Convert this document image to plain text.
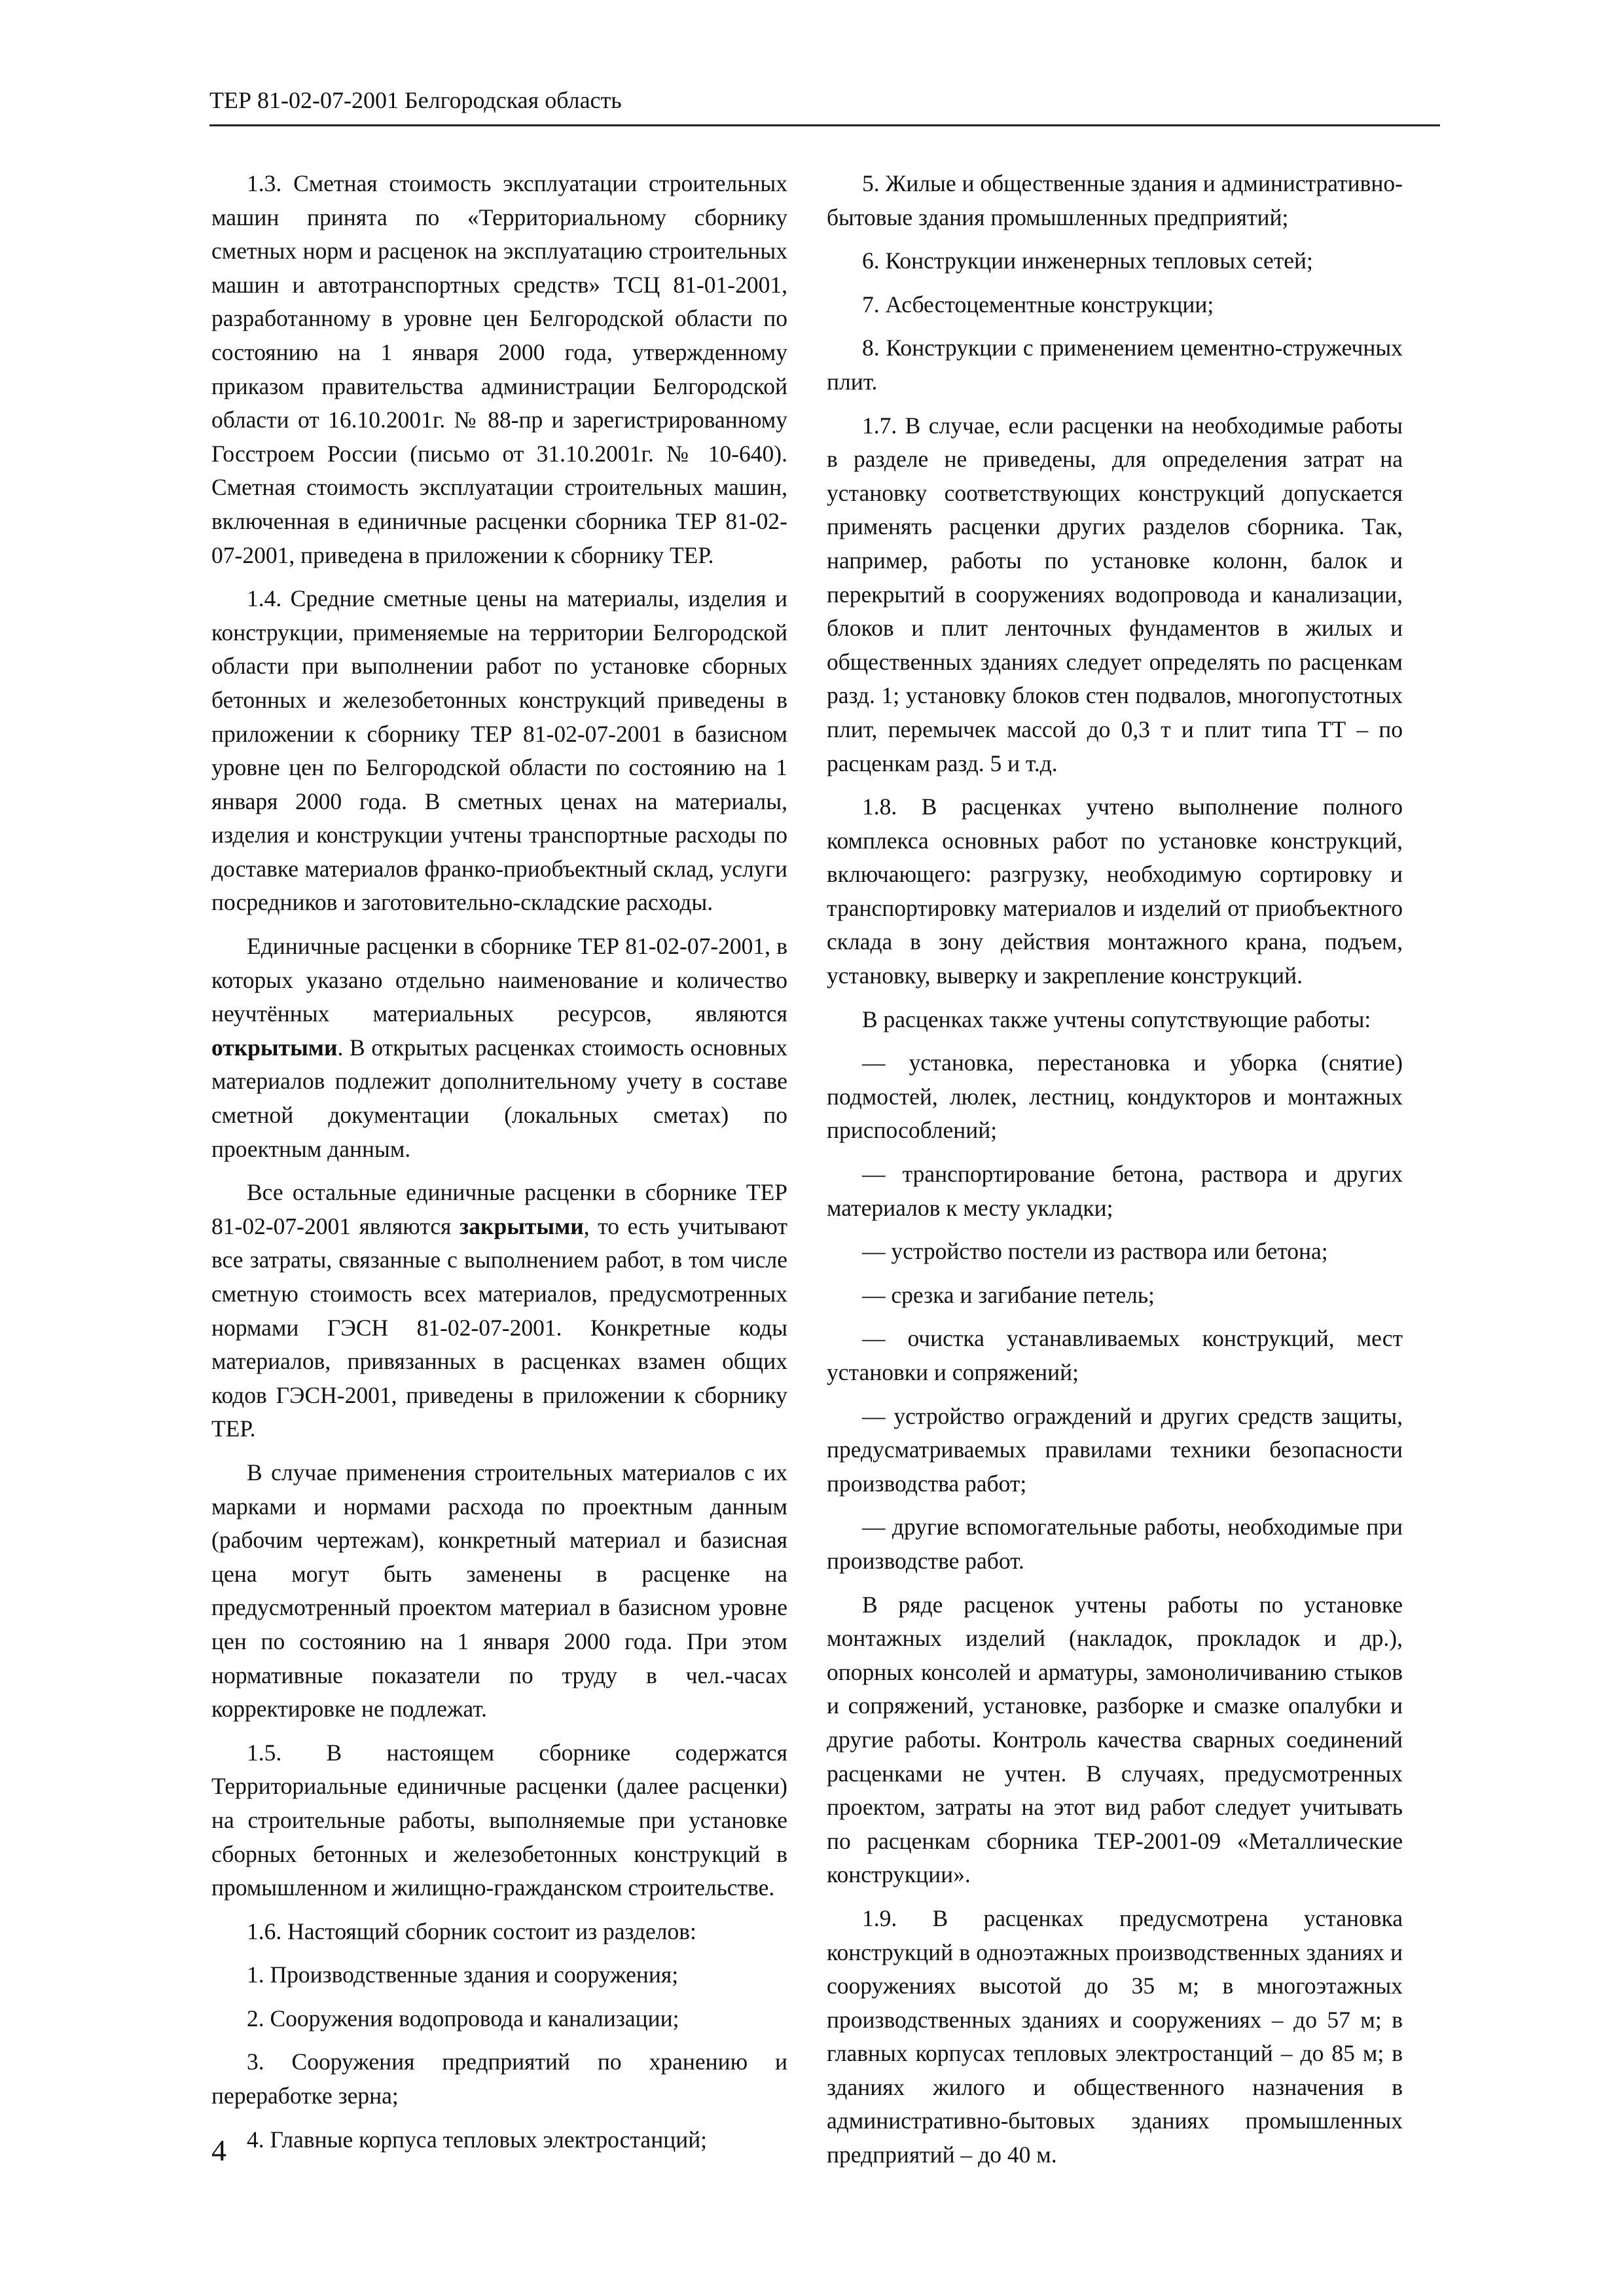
ТЕР 81-02-07-2001 Белгородская область

1.3. Сметная стоимость эксплуатации строительных машин принята по «Территориальному сборнику сметных норм и расценок на эксплуатацию строительных машин и автотранспортных средств» ТСЦ 81-01-2001, разработанному в уровне цен Белгородской области по состоянию на 1 января 2000 года, утвержденному приказом правительства администрации Белгородской области от 16.10.2001г. № 88-пр и зарегистрированному Госстроем России (письмо от 31.10.2001г. № 10-640). Сметная стоимость эксплуатации строительных машин, включенная в единичные расценки сборника ТЕР 81-02-07-2001, приведена в приложении к сборнику ТЕР.

1.4. Средние сметные цены на материалы, изделия и конструкции, применяемые на территории Белгородской области при выполнении работ по установке сборных бетонных и железобетонных конструкций приведены в приложении к сборнику ТЕР 81-02-07-2001 в базисном уровне цен по Белгородской области по состоянию на 1 января 2000 года. В сметных ценах на материалы, изделия и конструкции учтены транспортные расходы по доставке материалов франко-приобъектный склад, услуги посредников и заготовительно-складские расходы.

Единичные расценки в сборнике ТЕР 81-02-07-2001, в которых указано отдельно наименование и количество неучтённых материальных ресурсов, являются открытыми. В открытых расценках стоимость основных материалов подлежит дополнительному учету в составе сметной документации (локальных сметах) по проектным данным.

Все остальные единичные расценки в сборнике ТЕР 81-02-07-2001 являются закрытыми, то есть учитывают все затраты, связанные с выполнением работ, в том числе сметную стоимость всех материалов, предусмотренных нормами ГЭСН 81-02-07-2001. Конкретные коды материалов, привязанных в расценках взамен общих кодов ГЭСН-2001, приведены в приложении к сборнику ТЕР.

В случае применения строительных материалов с их марками и нормами расхода по проектным данным (рабочим чертежам), конкретный материал и базисная цена могут быть заменены в расценке на предусмотренный проектом материал в базисном уровне цен по состоянию на 1 января 2000 года. При этом нормативные показатели по труду в чел.-часах корректировке не подлежат.

1.5. В настоящем сборнике содержатся Территориальные единичные расценки (далее расценки) на строительные работы, выполняемые при установке сборных бетонных и железобетонных конструкций в промышленном и жилищно-гражданском строительстве.

1.6. Настоящий сборник состоит из разделов:

1. Производственные здания и сооружения;

2. Сооружения водопровода и канализации;

3. Сооружения предприятий по хранению и переработке зерна;

4. Главные корпуса тепловых электростанций;

5. Жилые и общественные здания и административно-бытовые здания промышленных предприятий;

6. Конструкции инженерных тепловых сетей;

7. Асбестоцементные конструкции;

8. Конструкции с применением цементно-стружечных плит.

1.7. В случае, если расценки на необходимые работы в разделе не приведены, для определения затрат на установку соответствующих конструкций допускается применять расценки других разделов сборника. Так, например, работы по установке колонн, балок и перекрытий в сооружениях водопровода и канализации, блоков и плит ленточных фундаментов в жилых и общественных зданиях следует определять по расценкам разд. 1; установку блоков стен подвалов, многопустотных плит, перемычек массой до 0,3 т и плит типа ТТ – по расценкам разд. 5 и т.д.

1.8. В расценках учтено выполнение полного комплекса основных работ по установке конструкций, включающего: разгрузку, необходимую сортировку и транспортировку материалов и изделий от приобъектного склада в зону действия монтажного крана, подъем, установку, выверку и закрепление конструкций.

В расценках также учтены сопутствующие работы:

— установка, перестановка и уборка (снятие) подмостей, люлек, лестниц, кондукторов и монтажных приспособлений;

— транспортирование бетона, раствора и других материалов к месту укладки;

— устройство постели из раствора или бетона;

— срезка и загибание петель;

— очистка устанавливаемых конструкций, мест установки и сопряжений;

— устройство ограждений и других средств защиты, предусматриваемых правилами техники безопасности производства работ;

— другие вспомогательные работы, необходимые при производстве работ.

В ряде расценок учтены работы по установке монтажных изделий (накладок, прокладок и др.), опорных консолей и арматуры, замоноличиванию стыков и сопряжений, установке, разборке и смазке опалубки и другие работы. Контроль качества сварных соединений расценками не учтен. В случаях, предусмотренных проектом, затраты на этот вид работ следует учитывать по расценкам сборника ТЕР-2001-09 «Металлические конструкции».

1.9. В расценках предусмотрена установка конструкций в одноэтажных производственных зданиях и сооружениях высотой до 35 м; в многоэтажных производственных зданиях и сооружениях – до 57 м; в главных корпусах тепловых электростанций – до 85 м; в зданиях жилого и общественного назначения в административно-бытовых зданиях промышленных предприятий – до 40 м.

4
